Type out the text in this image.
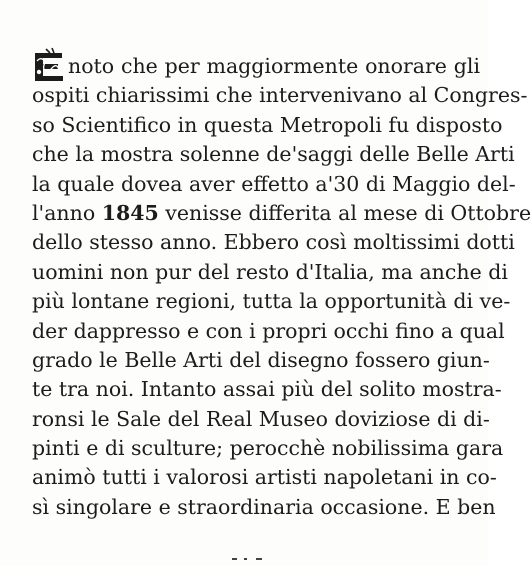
noto che per maggiormente onorare gli
ospiti chiarissimi che intervenivano al Congres-
so Scientifico in questa Metropoli fu disposto
che la mostra solenne de'saggi delle Belle Arti
la quale dovea aver effetto a'30 di Maggio del-
l'anno 1845 venisse differita al mese di Ottobre
dello stesso anno. Ebbero così moltissimi dotti
uomini non pur del resto d'Italia, ma anche di
più lontane regioni, tutta la opportunità di ve-
der dappresso e con i propri occhi fino a qual
grado le Belle Arti del disegno fossero giun-
te tra noi. Intanto assai più del solito mostra-
ronsi le Sale del Real Museo doviziose di di-
pinti e di sculture; perocchè nobilissima gara
animò tutti i valorosi artisti napoletani in co-
sì singolare e straordinaria occasione. E ben
